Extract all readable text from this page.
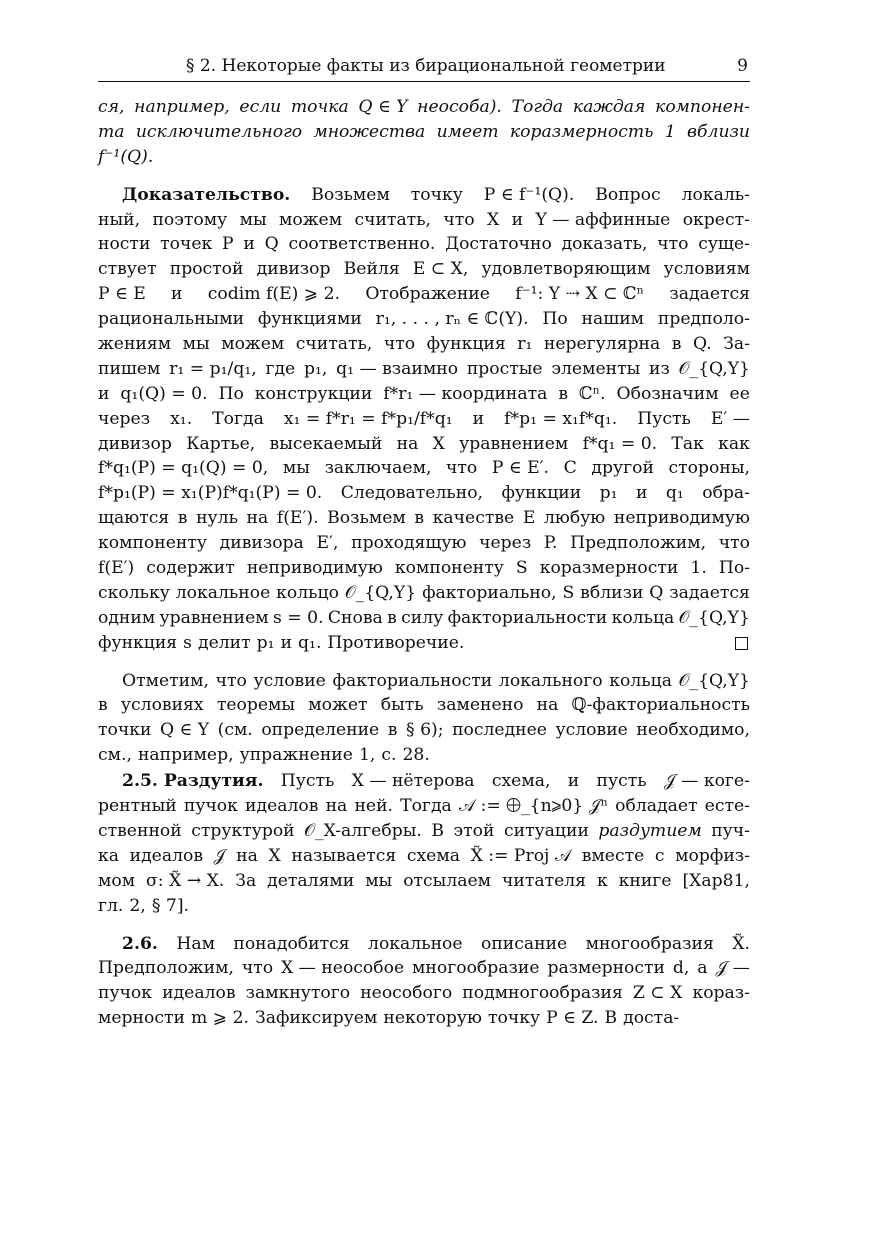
§ 2. Некоторые факты из бирациональной геометрии	9
ся, например, если точка Q ∈ Y неособа). Тогда каждая компонен-
та исключительного множества имеет коразмерность 1 вблизи
f⁻¹(Q).
Доказательство. Возьмем точку P ∈ f⁻¹(Q). Вопрос локаль-
ный, поэтому мы можем считать, что X и Y — аффинные окрест-
ности точек P и Q соответственно. Достаточно доказать, что суще-
ствует простой дивизор Вейля E ⊂ X, удовлетворяющим условиям
P ∈ E и codim f(E) ⩾ 2. Отображение f⁻¹: Y ⇢ X ⊂ ℂⁿ задается
рациональными функциями r₁, . . . , rₙ ∈ ℂ(Y). По нашим предполо-
жениям мы можем считать, что функция r₁ нерегулярна в Q. За-
пишем r₁ = p₁/q₁, где p₁, q₁ — взаимно простые элементы из 𝒪_{Q,Y}
и q₁(Q) = 0. По конструкции f*r₁ — координата в ℂⁿ. Обозначим ее
через x₁. Тогда x₁ = f*r₁ = f*p₁/f*q₁ и f*p₁ = x₁f*q₁. Пусть E′ —
дивизор Картье, высекаемый на X уравнением f*q₁ = 0. Так как
f*q₁(P) = q₁(Q) = 0, мы заключаем, что P ∈ E′. С другой стороны,
f*p₁(P) = x₁(P)f*q₁(P) = 0. Следовательно, функции p₁ и q₁ обра-
щаются в нуль на f(E′). Возьмем в качестве E любую неприводимую
компоненту дивизора E′, проходящую через P. Предположим, что
f(E′) содержит неприводимую компоненту S коразмерности 1. По-
скольку локальное кольцо 𝒪_{Q,Y} факториально, S вблизи Q задается
одним уравнением s = 0. Снова в силу факториальности кольца 𝒪_{Q,Y}
функция s делит p₁ и q₁. Противоречие.
Отметим, что условие факториальности локального кольца 𝒪_{Q,Y}
в условиях теоремы может быть заменено на ℚ-факториальность
точки Q ∈ Y (см. определение в § 6); последнее условие необходимо,
см., например, упражнение 1, с. 28.
2.5. Раздутия. Пусть X — нётерова схема, и пусть 𝒥 — коге-
рентный пучок идеалов на ней. Тогда 𝒜 := ⨁_{n⩾0} 𝒥ⁿ обладает есте-
ственной структурой 𝒪_X-алгебры. В этой ситуации раздутием пуч-
ка идеалов 𝒥 на X называется схема X̃ := Proj 𝒜 вместе с морфиз-
мом σ: X̃ → X. За деталями мы отсылаем читателя к книге [Хар81,
гл. 2, § 7].
2.6. Нам понадобится локальное описание многообразия X̃.
Предположим, что X — неособое многообразие размерности d, а 𝒥 —
пучок идеалов замкнутого неособого подмногообразия Z ⊂ X кораз-
мерности m ⩾ 2. Зафиксируем некоторую точку P ∈ Z. В доста-
